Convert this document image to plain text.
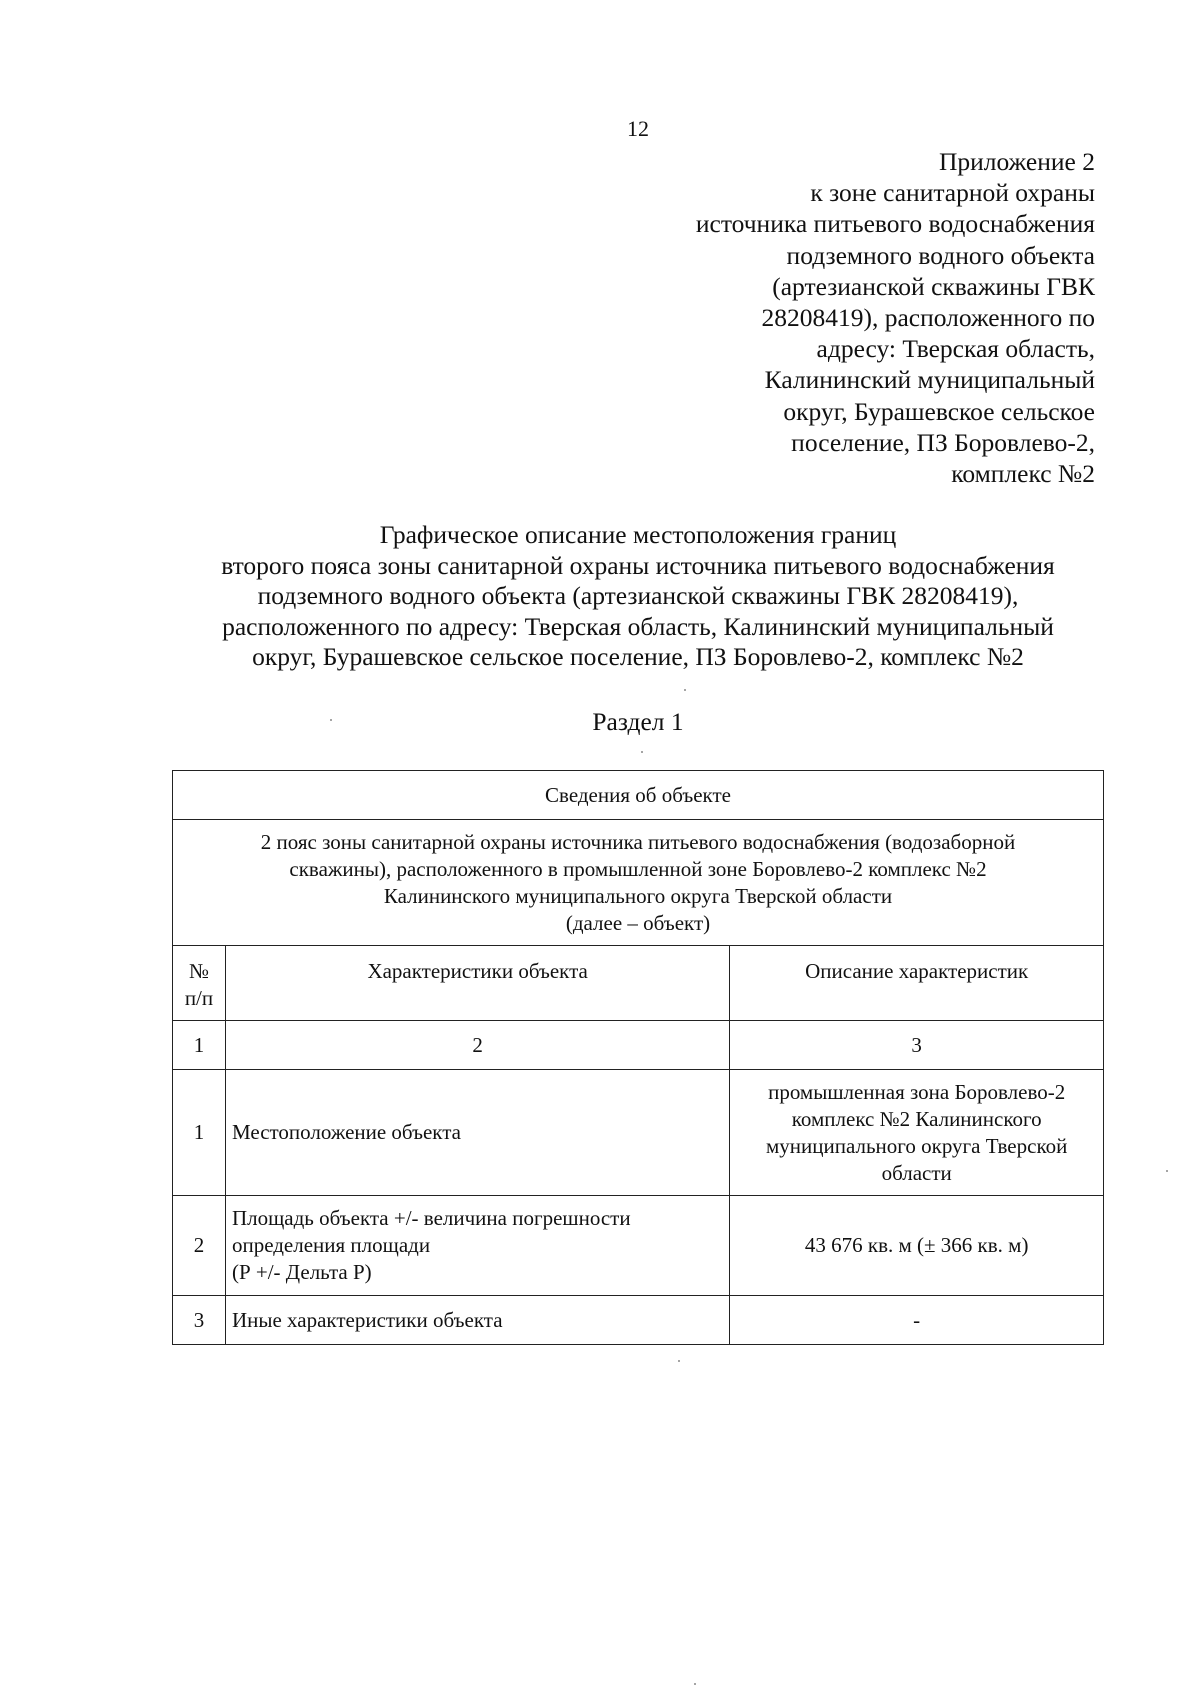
12
Приложение 2
к зоне санитарной охраны
источника питьевого водоснабжения
подземного водного объекта
(артезианской скважины ГВК
28208419), расположенного по
адресу: Тверская область,
Калининский муниципальный
округ, Бурашевское сельское
поселение, ПЗ Боровлево-2,
комплекс №2
Графическое описание местоположения границ
второго пояса зоны санитарной охраны источника питьевого водоснабжения
подземного водного объекта (артезианской скважины ГВК 28208419),
расположенного по адресу: Тверская область, Калининский муниципальный
округ, Бурашевское сельское поселение, ПЗ Боровлево-2, комплекс №2
Раздел 1
Сведения об объекте		

2 пояс зоны санитарной охраны источника питьевого водоснабжения (водозаборной
скважины), расположенного в промышленной зоне Боровлево-2 комплекс №2
Калининского муниципального округа Тверской области
(далее – объект)		

№
п/п	Характеристики объекта	Описание характеристик
1	2	3
1	Местоположение объекта	промышленная зона Боровлево-2
комплекс №2 Калининского
муниципального округа Тверской
области

2	Площадь объекта +/- величина погрешности
определения площади
(Р +/- Дельта Р)	43 676 кв. м (± 366 кв. м)
3	Иные характеристики объекта	-
